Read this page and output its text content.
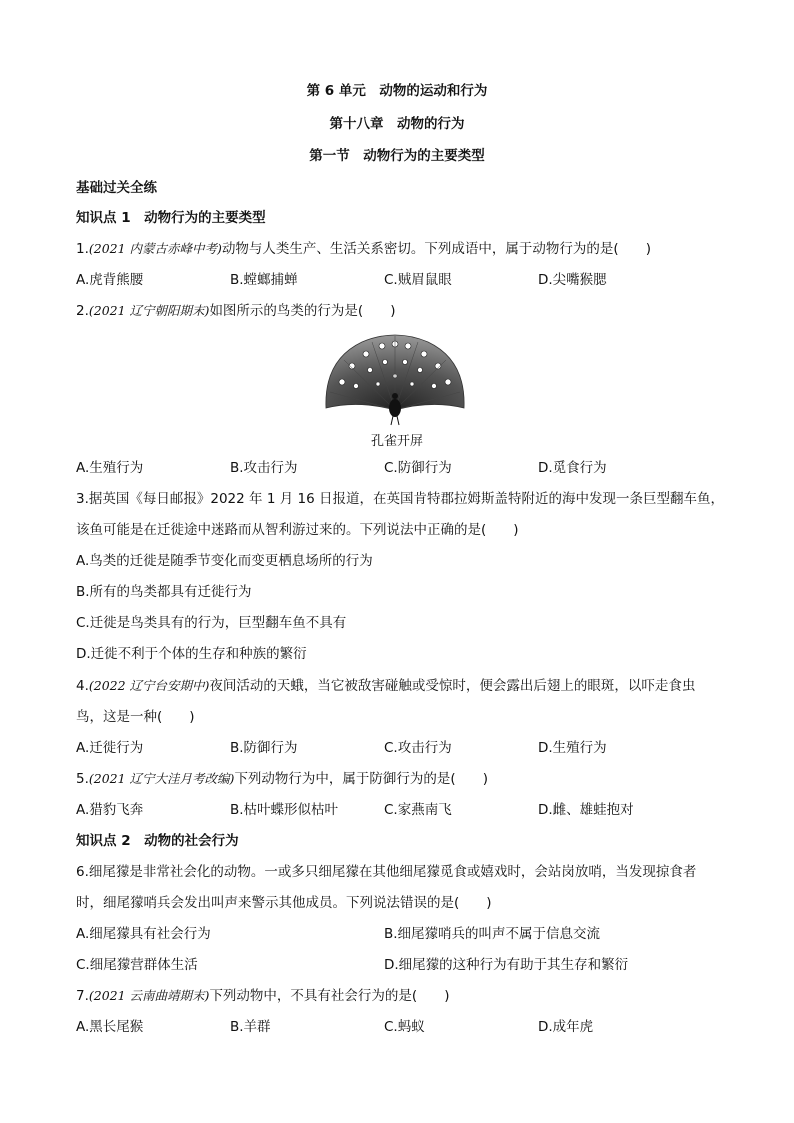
第 6 单元　动物的运动和行为
第十八章　动物的行为
第一节　动物行为的主要类型
基础过关全练
知识点 1　动物行为的主要类型
1.(2021 内蒙古赤峰中考)动物与人类生产、生活关系密切。下列成语中，属于动物行为的是(　　)
A.虎背熊腰	B.螳螂捕蝉	C.贼眉鼠眼	D.尖嘴猴腮
2.(2021 辽宁朝阳期末)如图所示的鸟类的行为是(　　)
孔雀开屏
A.生殖行为	B.攻击行为	C.防御行为	D.觅食行为
3.据英国《每日邮报》2022 年 1 月 16 日报道，在英国肯特郡拉姆斯盖特附近的海中发现一条巨型翻车鱼，
该鱼可能是在迁徙途中迷路而从智利游过来的。下列说法中正确的是(　　)
A.鸟类的迁徙是随季节变化而变更栖息场所的行为
B.所有的鸟类都具有迁徙行为
C.迁徙是鸟类具有的行为，巨型翻车鱼不具有
D.迁徙不利于个体的生存和种族的繁衍
4.(2022 辽宁台安期中)夜间活动的天蛾，当它被敌害碰触或受惊时，便会露出后翅上的眼斑，以吓走食虫
鸟，这是一种(　　)
A.迁徙行为	B.防御行为	C.攻击行为	D.生殖行为
5.(2021 辽宁大洼月考改编)下列动物行为中，属于防御行为的是(　　)
A.猎豹飞奔	B.枯叶蝶形似枯叶	C.家燕南飞	D.雌、雄蛙抱对
知识点 2　动物的社会行为
6.细尾獴是非常社会化的动物。一或多只细尾獴在其他细尾獴觅食或嬉戏时，会站岗放哨，当发现掠食者
时，细尾獴哨兵会发出叫声来警示其他成员。下列说法错误的是(　　)
A.细尾獴具有社会行为	B.细尾獴哨兵的叫声不属于信息交流
C.细尾獴营群体生活	D.细尾獴的这种行为有助于其生存和繁衍
7.(2021 云南曲靖期末)下列动物中，不具有社会行为的是(　　)
A.黑长尾猴	B.羊群	C.蚂蚁	D.成年虎
